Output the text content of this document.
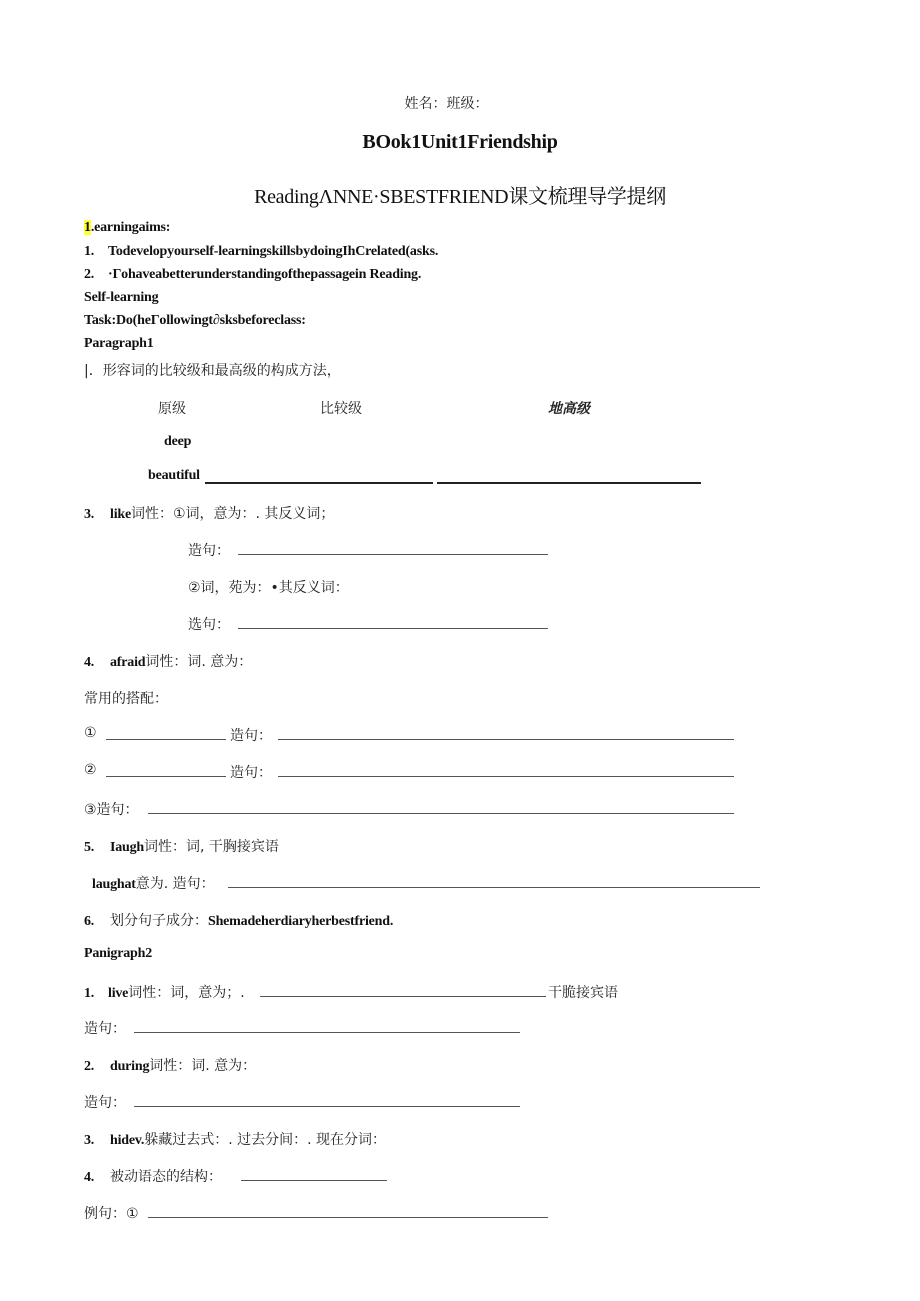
姓名：班级：
BOok1Unit1Friendship
ReadingΛNNE·SBESTFRIEND课文梳理导学提纲
1.earningaims:
1. Todevelopyourself-learningskillsbydoingIhCrelated(asks.
2. ·Γohaveabetterunderstandingofthepassagein Reading.
Self-learning
Task:Do(heΓollowingt∂sksbeforeclass:
Paragraph1
|．形容词的比较级和最高级的构成方法，
原级	比较级	地高级
deep
beautiful
3. like词性：①词，意为：. 其反义词；
造句：
②词，苑为：•其反义词：
选句：
4. afraid词性：词. 意为：
常用的搭配：
①	造句：
②	造句：
③造句：
5. Iaugh词性：词, 干胸接宾语
laughat意为. 造句：
6. 划分句子成分：Shemadeherdiaryherbestfriend.
Panigraph2
1. live词性：词，意为；.	干脆接宾语
造句：
2. during词性：词. 意为：
造句：
3. hidev.躲藏过去式：. 过去分间：. 现在分词：
4. 被动语态的结构：
例句：①
